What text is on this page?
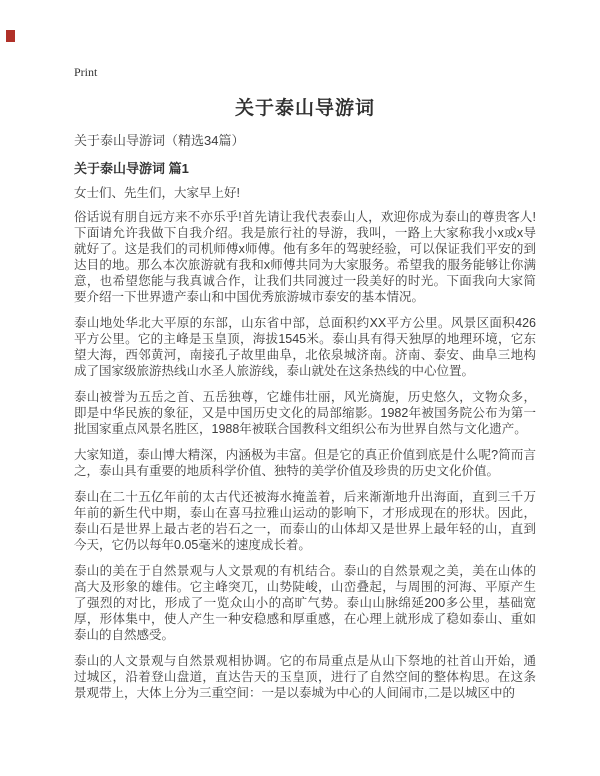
Print
关于泰山导游词
关于泰山导游词（精选34篇）
关于泰山导游词 篇1
女士们、先生们，大家早上好!

俗话说有朋自远方来不亦乐乎!首先请让我代表泰山人，欢迎你成为泰山的尊贵客人!下面请允许我做下自我介绍。我是旅行社的导游，我叫，一路上大家称我小x或x导就好了。这是我们的司机师傅x师傅。他有多年的驾驶经验，可以保证我们平安的到达目的地。那么本次旅游就有我和x师傅共同为大家服务。希望我的服务能够让你满意，也希望您能与我真诚合作，让我们共同渡过一段美好的时光。下面我向大家简要介绍一下世界遗产泰山和中国优秀旅游城市泰安的基本情况。

泰山地处华北大平原的东部，山东省中部，总面积约XX平方公里。风景区面积426平方公里。它的主峰是玉皇顶，海拔1545米。泰山具有得天独厚的地理环境，它东望大海，西邻黄河，南接孔子故里曲阜，北依泉城济南。济南、泰安、曲阜三地构成了国家级旅游热线山水圣人旅游线，泰山就处在这条热线的中心位置。

泰山被誉为五岳之首、五岳独尊，它雄伟壮丽，风光旖旎，历史悠久，文物众多，即是中华民族的象征，又是中国历史文化的局部缩影。1982年被国务院公布为第一批国家重点风景名胜区，1988年被联合国教科文组织公布为世界自然与文化遗产。

大家知道，泰山博大精深，内涵极为丰富。但是它的真正价值到底是什么呢?简而言之，泰山具有重要的地质科学价值、独特的美学价值及珍贵的历史文化价值。

泰山在二十五亿年前的太古代还被海水掩盖着，后来渐渐地升出海面，直到三千万年前的新生代中期，泰山在喜马拉雅山运动的影响下，才形成现在的形状。因此，泰山石是世界上最古老的岩石之一，而泰山的山体却又是世界上最年轻的山，直到今天，它仍以每年0.05毫米的速度成长着。

泰山的美在于自然景观与人文景观的有机结合。泰山的自然景观之美，美在山体的高大及形象的雄伟。它主峰突兀，山势陡峻，山峦叠起，与周围的河海、平原产生了强烈的对比，形成了一览众山小的高旷气势。泰山山脉绵延200多公里，基础宽厚，形体集中，使人产生一种安稳感和厚重感，在心理上就形成了稳如泰山、重如泰山的自然感受。

泰山的人文景观与自然景观相协调。它的布局重点是从山下祭地的社首山开始，通过城区，沿着登山盘道，直达告天的玉皇顶，进行了自然空间的整体构思。在这条景观带上，大体上分为三重空间：一是以泰城为中心的人间闹市,二是以城区中的
